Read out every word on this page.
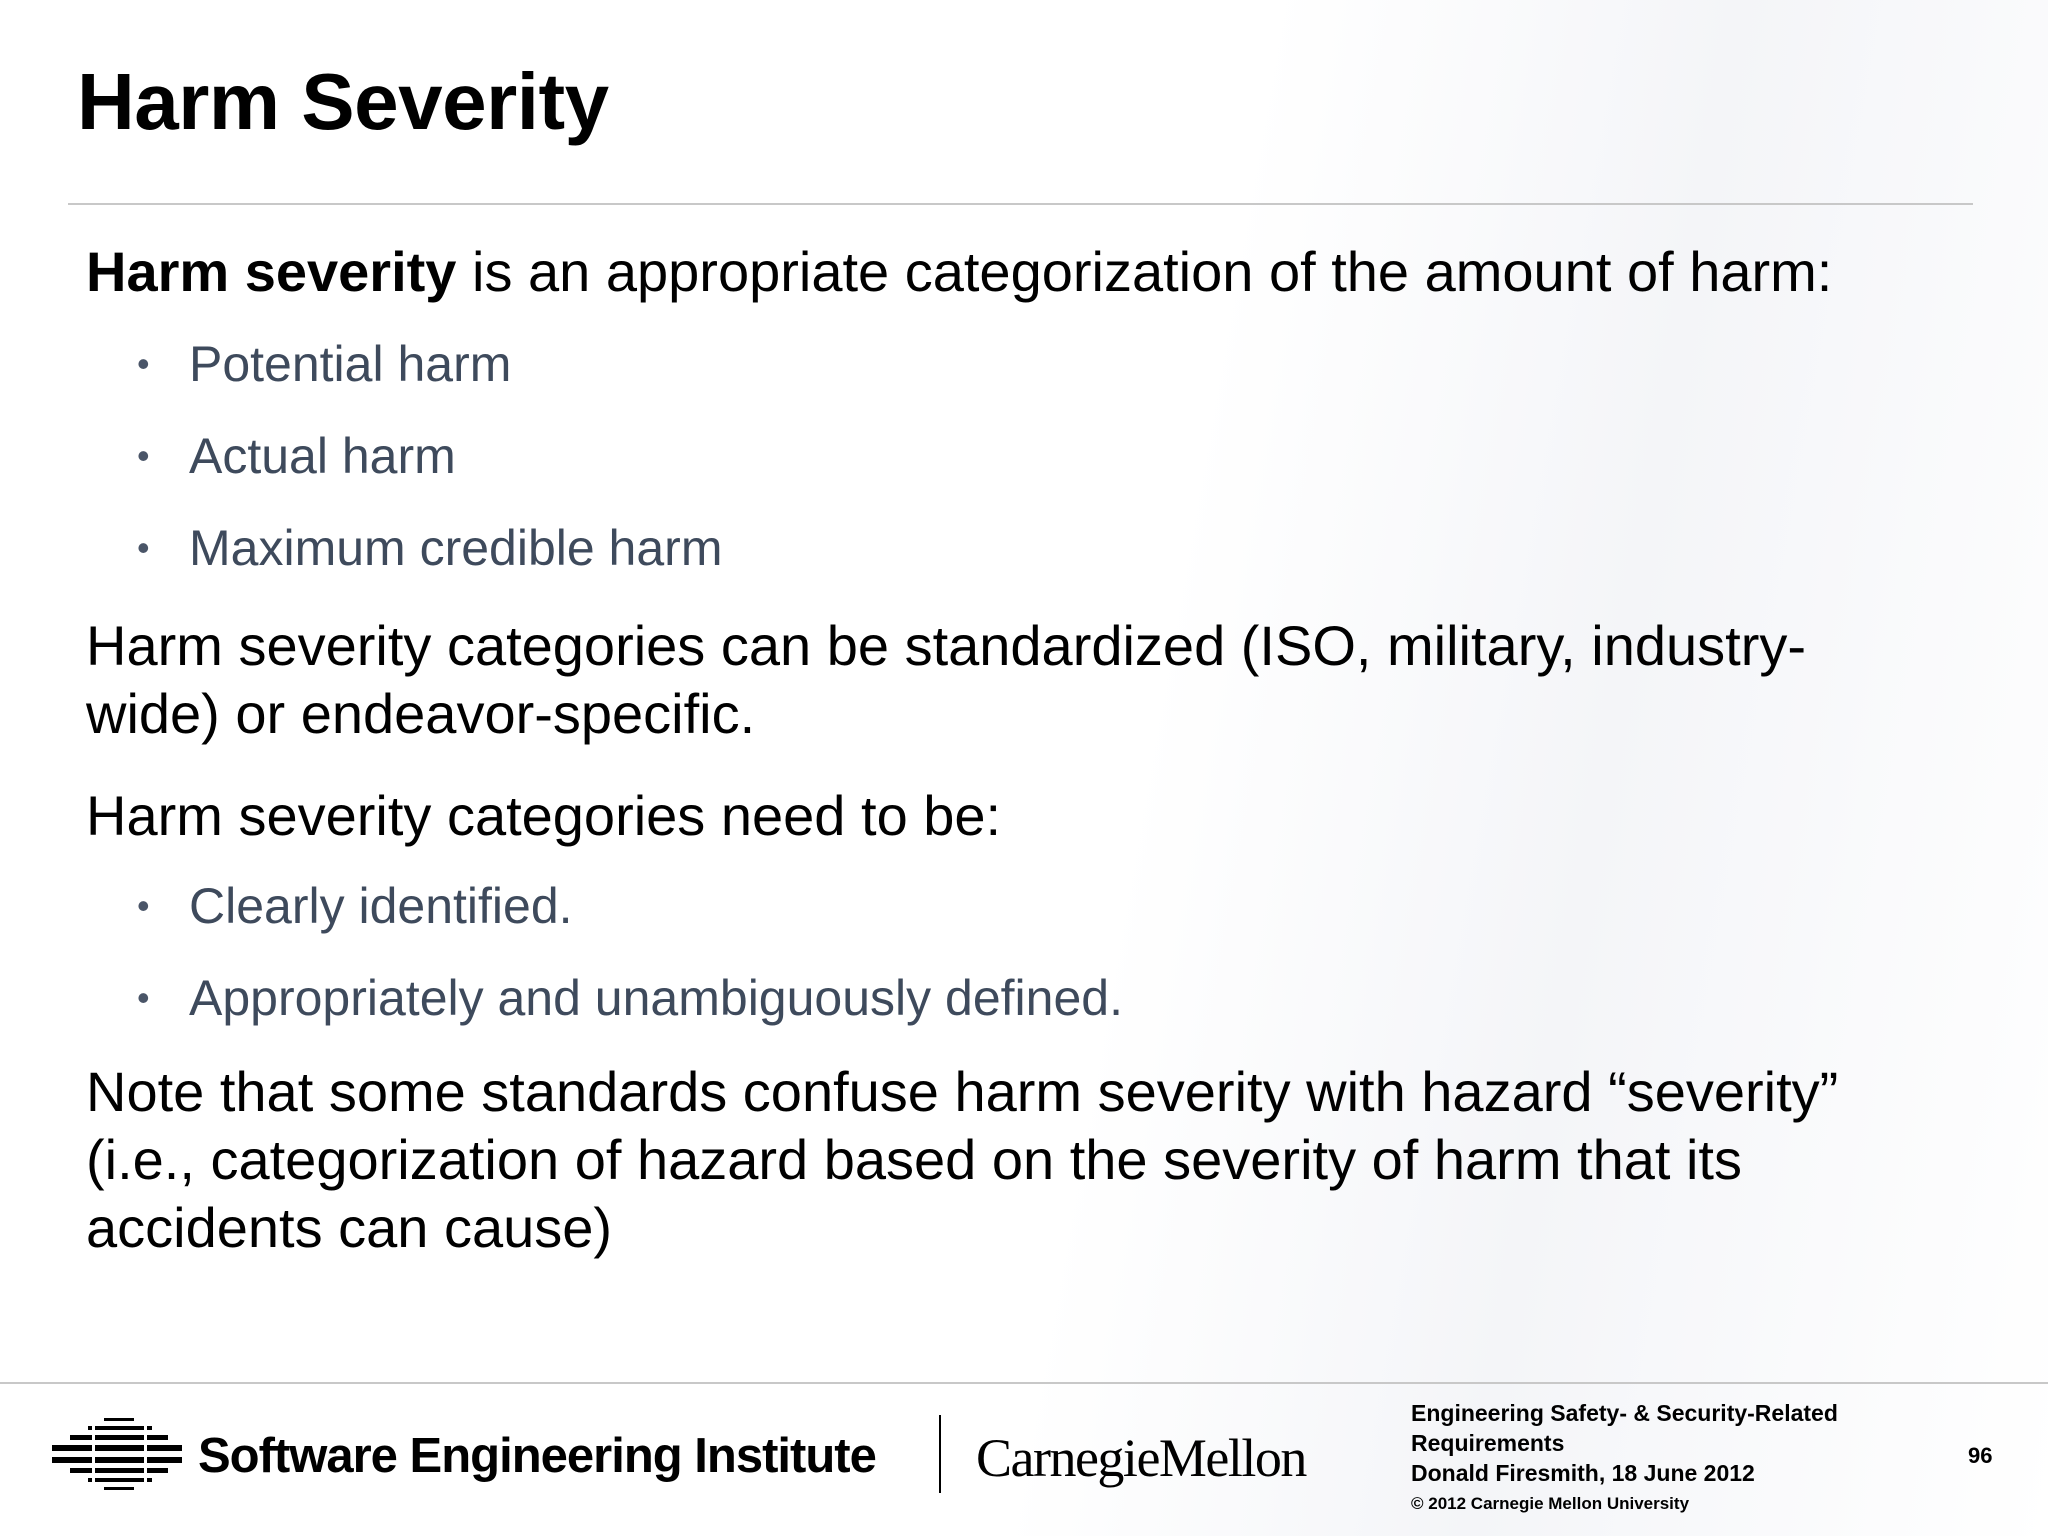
Harm Severity

Harm severity is an appropriate categorization of the amount of harm:

• Potential harm
• Actual harm
• Maximum credible harm

Harm severity categories can be standardized (ISO, military, industry-wide) or endeavor-specific.

Harm severity categories need to be:

• Clearly identified.
• Appropriately and unambiguously defined.

Note that some standards confuse harm severity with hazard “severity” (i.e., categorization of hazard based on the severity of harm that its accidents can cause)

Software Engineering Institute CarnegieMellon
Engineering Safety- & Security-Related
Requirements
Donald Firesmith, 18 June 2012
© 2012 Carnegie Mellon University
96
